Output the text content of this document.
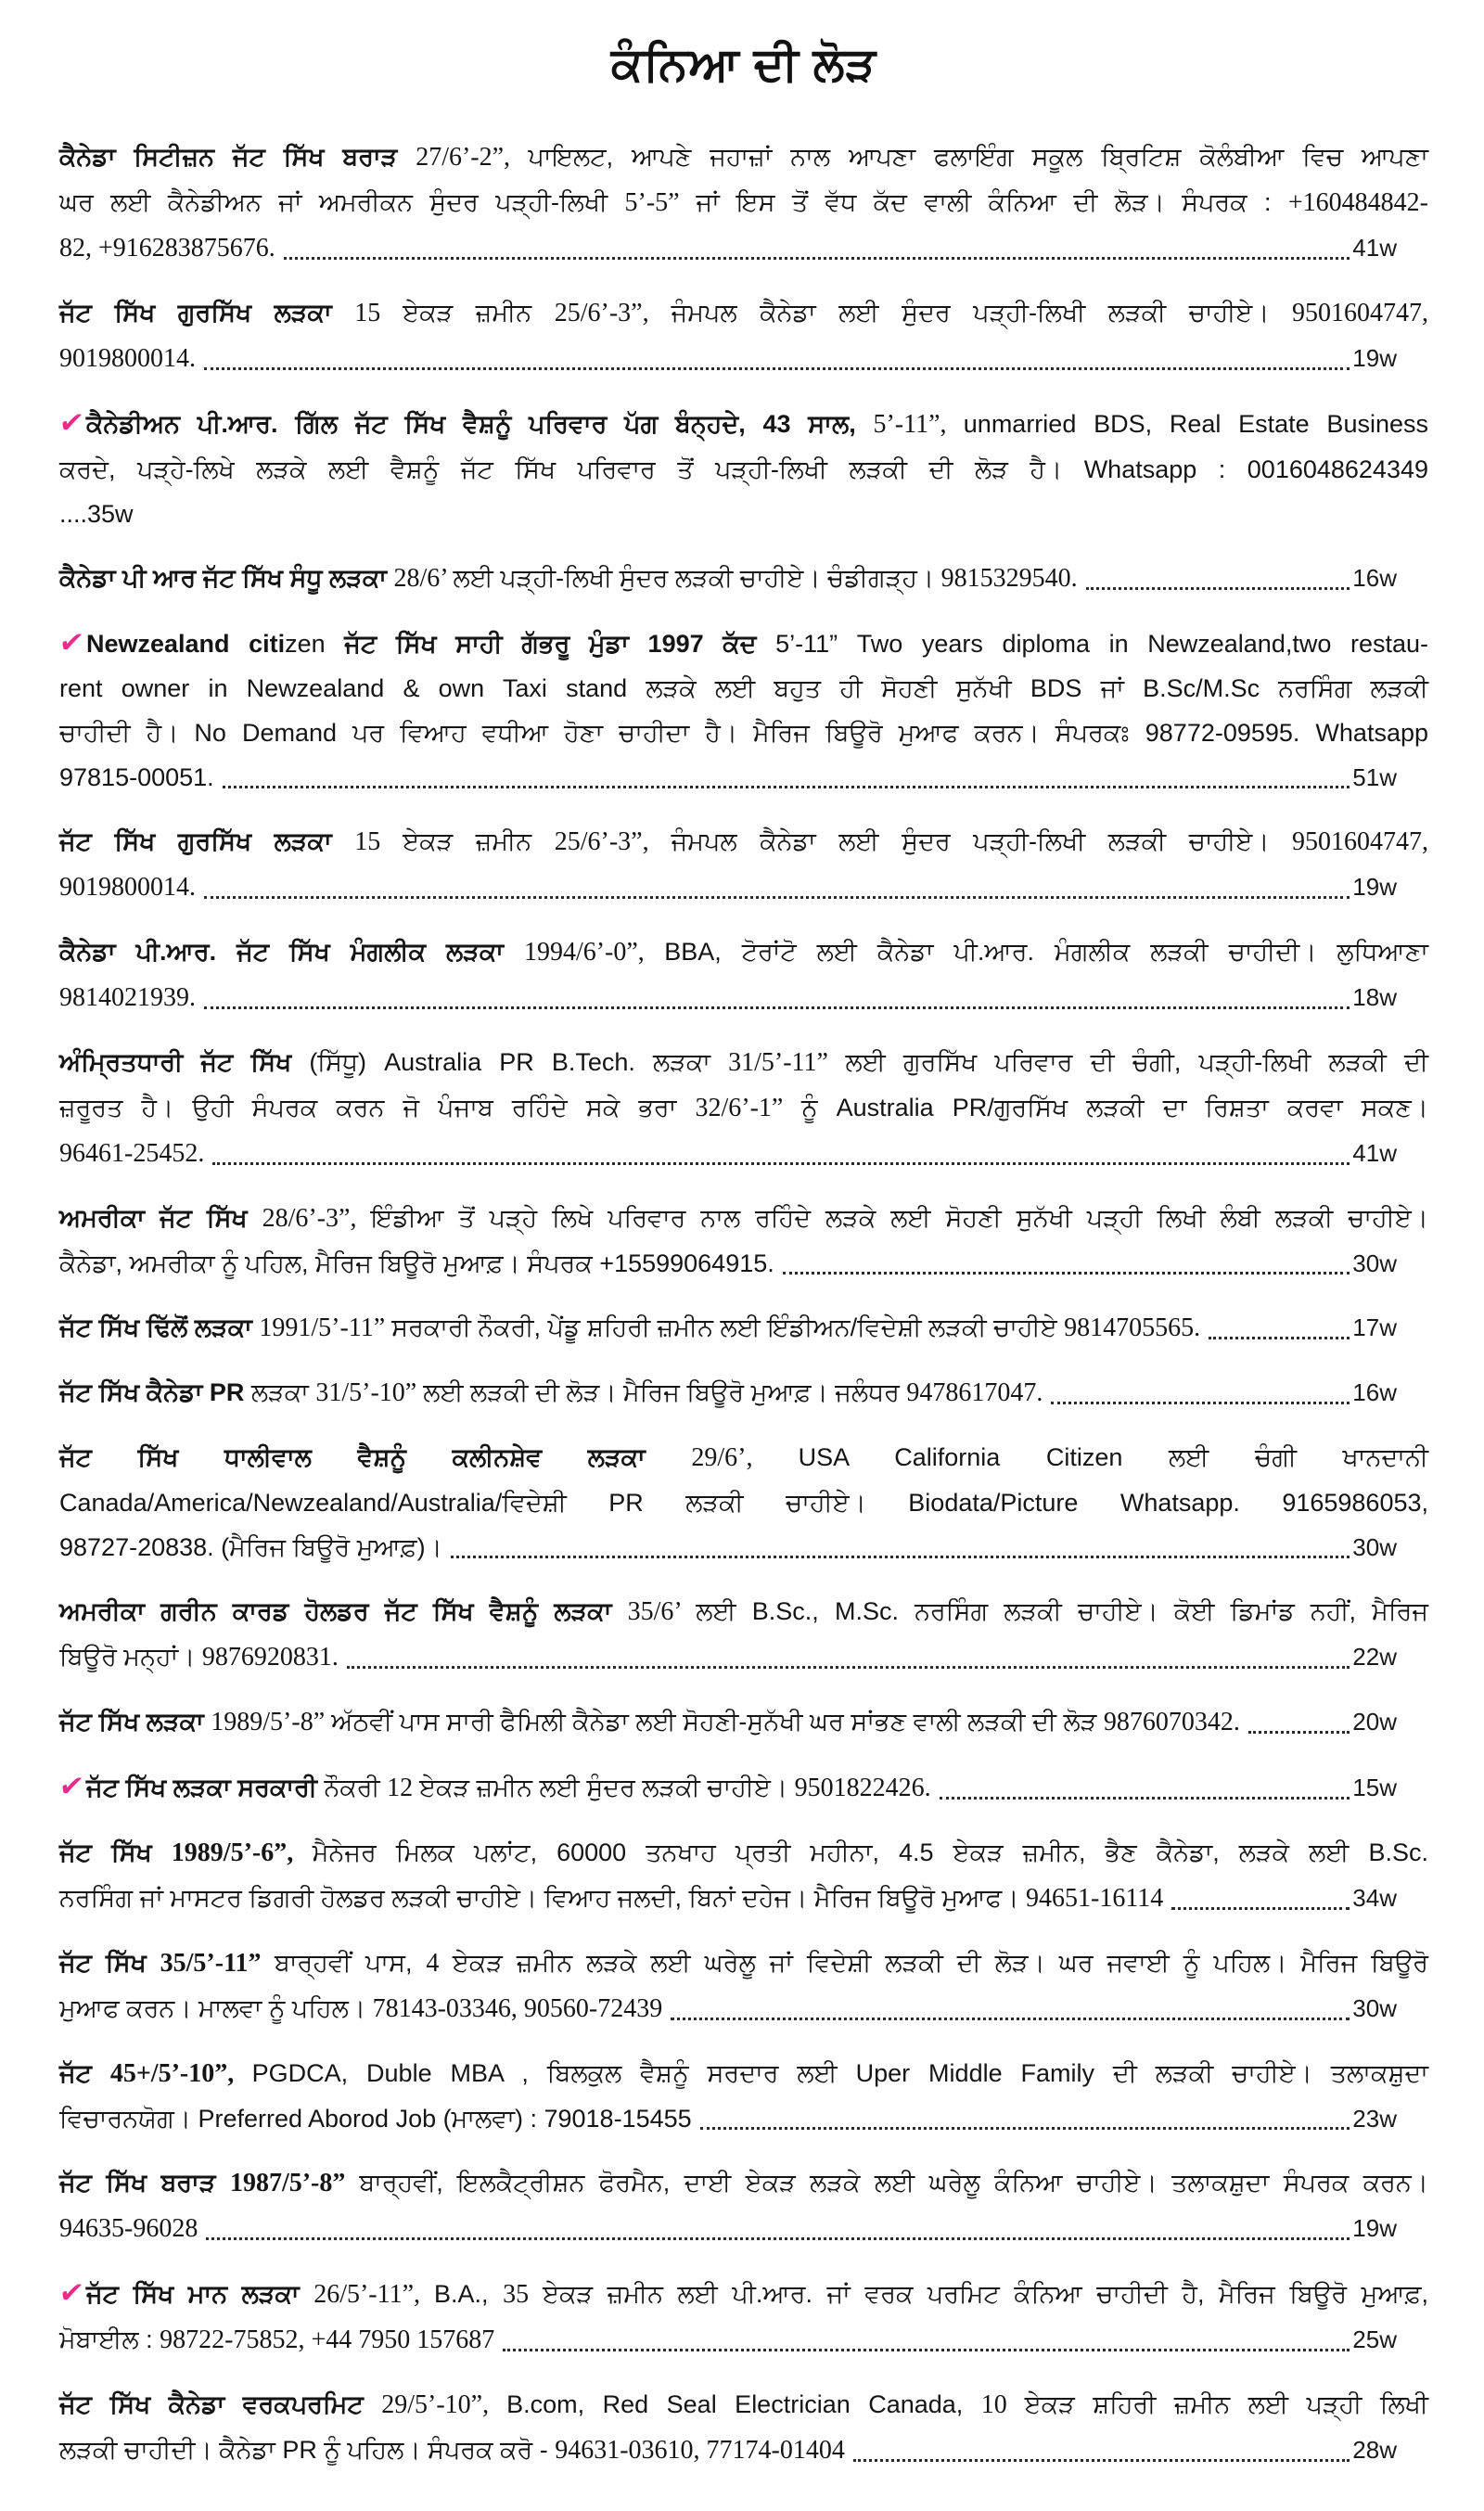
ਕੰਨਿਆ ਦੀ ਲੋੜ
ਕੈਨੇਡਾ ਸਿਟੀਜ਼ਨ ਜੱਟ ਸਿੱਖ ਬਰਾੜ 27/6’-2”, ਪਾਇਲਟ, ਆਪਣੇ ਜਹਾਜ਼ਾਂ ਨਾਲ ਆਪਣਾ ਫਲਾਇੰਗ ਸਕੂਲ ਬ੍ਰਿਟਿਸ਼ ਕੋਲੰਬੀਆ ਵਿਚ ਆਪਣਾ
ਘਰ ਲਈ ਕੈਨੇਡੀਅਨ ਜਾਂ ਅਮਰੀਕਨ ਸੁੰਦਰ ਪੜ੍ਹੀ-ਲਿਖੀ 5’-5” ਜਾਂ ਇਸ ਤੋਂ ਵੱਧ ਕੱਦ ਵਾਲੀ ਕੰਨਿਆ ਦੀ ਲੋੜ। ਸੰਪਰਕ : +160484842-
82, +916283875676.	41w
ਜੱਟ ਸਿੱਖ ਗੁਰਸਿੱਖ ਲੜਕਾ 15 ਏਕੜ ਜ਼ਮੀਨ 25/6’-3”, ਜੰਮਪਲ ਕੈਨੇਡਾ ਲਈ ਸੁੰਦਰ ਪੜ੍ਹੀ-ਲਿਖੀ ਲੜਕੀ ਚਾਹੀਏ। 9501604747,
9019800014.	19w
✔ਕੈਨੇਡੀਅਨ ਪੀ.ਆਰ. ਗਿੱਲ ਜੱਟ ਸਿੱਖ ਵੈਸ਼ਨੂੰ ਪਰਿਵਾਰ ਪੱਗ ਬੰਨ੍ਹਦੇ, 43 ਸਾਲ, 5’-11”, unmarried BDS, Real Estate Business
ਕਰਦੇ, ਪੜ੍ਹੇ-ਲਿਖੇ ਲੜਕੇ ਲਈ ਵੈਸ਼ਨੂੰ ਜੱਟ ਸਿੱਖ ਪਰਿਵਾਰ ਤੋਂ ਪੜ੍ਹੀ-ਲਿਖੀ ਲੜਕੀ ਦੀ ਲੋੜ ਹੈ। Whatsapp : 0016048624349
....35w
ਕੈਨੇਡਾ ਪੀ ਆਰ ਜੱਟ ਸਿੱਖ ਸੰਧੂ ਲੜਕਾ 28/6’ ਲਈ ਪੜ੍ਹੀ-ਲਿਖੀ ਸੁੰਦਰ ਲੜਕੀ ਚਾਹੀਏ। ਚੰਡੀਗੜ੍ਹ। 9815329540.	16w
✔Newzealand citizen ਜੱਟ ਸਿੱਖ ਸਾਹੀ ਗੱਭਰੂ ਮੁੰਡਾ 1997 ਕੱਦ 5’-11” Two years diploma in Newzealand,two restau-
rent owner in Newzealand & own Taxi stand ਲੜਕੇ ਲਈ ਬਹੁਤ ਹੀ ਸੋਹਣੀ ਸੁਨੱਖੀ BDS ਜਾਂ B.Sc/M.Sc ਨਰਸਿੰਗ ਲੜਕੀ
ਚਾਹੀਦੀ ਹੈ। No Demand ਪਰ ਵਿਆਹ ਵਧੀਆ ਹੋਣਾ ਚਾਹੀਦਾ ਹੈ। ਮੈਰਿਜ ਬਿਊਰੋ ਮੁਆਫ ਕਰਨ। ਸੰਪਰਕਃ 98772-09595. Whatsapp
97815-00051.	51w
ਜੱਟ ਸਿੱਖ ਗੁਰਸਿੱਖ ਲੜਕਾ 15 ਏਕੜ ਜ਼ਮੀਨ 25/6’-3”, ਜੰਮਪਲ ਕੈਨੇਡਾ ਲਈ ਸੁੰਦਰ ਪੜ੍ਹੀ-ਲਿਖੀ ਲੜਕੀ ਚਾਹੀਏ। 9501604747,
9019800014.	19w
ਕੈਨੇਡਾ ਪੀ.ਆਰ. ਜੱਟ ਸਿੱਖ ਮੰਗਲੀਕ ਲੜਕਾ 1994/6’-0”, BBA, ਟੋਰਾਂਟੋ ਲਈ ਕੈਨੇਡਾ ਪੀ.ਆਰ. ਮੰਗਲੀਕ ਲੜਕੀ ਚਾਹੀਦੀ। ਲੁਧਿਆਣਾ
9814021939.	18w
ਅੰਮ੍ਰਿਤਧਾਰੀ ਜੱਟ ਸਿੱਖ (ਸਿੱਧੂ) Australia PR B.Tech. ਲੜਕਾ 31/5’-11” ਲਈ ਗੁਰਸਿੱਖ ਪਰਿਵਾਰ ਦੀ ਚੰਗੀ, ਪੜ੍ਹੀ-ਲਿਖੀ ਲੜਕੀ ਦੀ
ਜ਼ਰੂਰਤ ਹੈ। ਉਹੀ ਸੰਪਰਕ ਕਰਨ ਜੋ ਪੰਜਾਬ ਰਹਿੰਦੇ ਸਕੇ ਭਰਾ 32/6’-1” ਨੂੰ Australia PR/ਗੁਰਸਿੱਖ ਲੜਕੀ ਦਾ ਰਿਸ਼ਤਾ ਕਰਵਾ ਸਕਣ।
96461-25452.	41w
ਅਮਰੀਕਾ ਜੱਟ ਸਿੱਖ 28/6’-3”, ਇੰਡੀਆ ਤੋਂ ਪੜ੍ਹੇ ਲਿਖੇ ਪਰਿਵਾਰ ਨਾਲ ਰਹਿੰਦੇ ਲੜਕੇ ਲਈ ਸੋਹਣੀ ਸੁਨੱਖੀ ਪੜ੍ਹੀ ਲਿਖੀ ਲੰਬੀ ਲੜਕੀ ਚਾਹੀਏ।
ਕੈਨੇਡਾ, ਅਮਰੀਕਾ ਨੂੰ ਪਹਿਲ, ਮੈਰਿਜ ਬਿਊਰੋ ਮੁਆਫ਼। ਸੰਪਰਕ +15599064915.	30w
ਜੱਟ ਸਿੱਖ ਢਿੱਲੋਂ ਲੜਕਾ 1991/5’-11” ਸਰਕਾਰੀ ਨੌਕਰੀ, ਪੇਂਡੂ ਸ਼ਹਿਰੀ ਜ਼ਮੀਨ ਲਈ ਇੰਡੀਅਨ/ਵਿਦੇਸ਼ੀ ਲੜਕੀ ਚਾਹੀਏ 9814705565.	17w
ਜੱਟ ਸਿੱਖ ਕੈਨੇਡਾ PR ਲੜਕਾ 31/5’-10” ਲਈ ਲੜਕੀ ਦੀ ਲੋੜ। ਮੈਰਿਜ ਬਿਊਰੋ ਮੁਆਫ਼। ਜਲੰਧਰ 9478617047.	16w
ਜੱਟ ਸਿੱਖ ਧਾਲੀਵਾਲ ਵੈਸ਼ਨੂੰ ਕਲੀਨਸ਼ੇਵ ਲੜਕਾ 29/6’, USA California Citizen ਲਈ ਚੰਗੀ ਖਾਨਦਾਨੀ
Canada/America/Newzealand/Australia/ਵਿਦੇਸ਼ੀ PR ਲੜਕੀ ਚਾਹੀਏ। Biodata/Picture Whatsapp. 9165986053,
98727-20838. (ਮੈਰਿਜ ਬਿਊਰੋ ਮੁਆਫ਼)।	30w
ਅਮਰੀਕਾ ਗਰੀਨ ਕਾਰਡ ਹੋਲਡਰ ਜੱਟ ਸਿੱਖ ਵੈਸ਼ਨੂੰ ਲੜਕਾ 35/6’ ਲਈ B.Sc., M.Sc. ਨਰਸਿੰਗ ਲੜਕੀ ਚਾਹੀਏ। ਕੋਈ ਡਿਮਾਂਡ ਨਹੀਂ, ਮੈਰਿਜ
ਬਿਊਰੋ ਮਨ੍ਹਾਂ। 9876920831.	22w
ਜੱਟ ਸਿੱਖ ਲੜਕਾ 1989/5’-8” ਅੱਠਵੀਂ ਪਾਸ ਸਾਰੀ ਫੈਮਿਲੀ ਕੈਨੇਡਾ ਲਈ ਸੋਹਣੀ-ਸੁਨੱਖੀ ਘਰ ਸਾਂਭਣ ਵਾਲੀ ਲੜਕੀ ਦੀ ਲੋੜ 9876070342.	20w
✔ਜੱਟ ਸਿੱਖ ਲੜਕਾ ਸਰਕਾਰੀ ਨੌਕਰੀ 12 ਏਕੜ ਜ਼ਮੀਨ ਲਈ ਸੁੰਦਰ ਲੜਕੀ ਚਾਹੀਏ। 9501822426.	15w
ਜੱਟ ਸਿੱਖ 1989/5’-6”, ਮੈਨੇਜਰ ਮਿਲਕ ਪਲਾਂਟ, 60000 ਤਨਖਾਹ ਪ੍ਰਤੀ ਮਹੀਨਾ, 4.5 ਏਕੜ ਜ਼ਮੀਨ, ਭੈਣ ਕੈਨੇਡਾ, ਲੜਕੇ ਲਈ B.Sc.
ਨਰਸਿੰਗ ਜਾਂ ਮਾਸਟਰ ਡਿਗਰੀ ਹੋਲਡਰ ਲੜਕੀ ਚਾਹੀਏ। ਵਿਆਹ ਜਲਦੀ, ਬਿਨਾਂ ਦਹੇਜ। ਮੈਰਿਜ ਬਿਊਰੋ ਮੁਆਫ। 94651-16114	34w
ਜੱਟ ਸਿੱਖ 35/5’-11” ਬਾਰ੍ਹਵੀਂ ਪਾਸ, 4 ਏਕੜ ਜ਼ਮੀਨ ਲੜਕੇ ਲਈ ਘਰੇਲੂ ਜਾਂ ਵਿਦੇਸ਼ੀ ਲੜਕੀ ਦੀ ਲੋੜ। ਘਰ ਜਵਾਈ ਨੂੰ ਪਹਿਲ। ਮੈਰਿਜ ਬਿਊਰੋ
ਮੁਆਫ ਕਰਨ। ਮਾਲਵਾ ਨੂੰ ਪਹਿਲ। 78143-03346, 90560-72439	30w
ਜੱਟ 45+/5’-10”, PGDCA, Duble MBA , ਬਿਲਕੁਲ ਵੈਸ਼ਨੂੰ ਸਰਦਾਰ ਲਈ Uper Middle Family ਦੀ ਲੜਕੀ ਚਾਹੀਏ। ਤਲਾਕਸ਼ੁਦਾ
ਵਿਚਾਰਨਯੋਗ। Preferred Aborod Job (ਮਾਲਵਾ) : 79018-15455	23w
ਜੱਟ ਸਿੱਖ ਬਰਾੜ 1987/5’-8” ਬਾਰ੍ਹਵੀਂ, ਇਲਕੈਟ੍ਰੀਸ਼ਨ ਫੋਰਮੈਨ, ਦਾਈ ਏਕੜ ਲੜਕੇ ਲਈ ਘਰੇਲੂ ਕੰਨਿਆ ਚਾਹੀਏ। ਤਲਾਕਸ਼ੁਦਾ ਸੰਪਰਕ ਕਰਨ।
94635-96028	19w
✔ਜੱਟ ਸਿੱਖ ਮਾਨ ਲੜਕਾ 26/5’-11”, B.A., 35 ਏਕੜ ਜ਼ਮੀਨ ਲਈ ਪੀ.ਆਰ. ਜਾਂ ਵਰਕ ਪਰਮਿਟ ਕੰਨਿਆ ਚਾਹੀਦੀ ਹੈ, ਮੈਰਿਜ ਬਿਊਰੋ ਮੁਆਫ਼,
ਮੋਬਾਈਲ : 98722-75852, +44 7950 157687	25w
ਜੱਟ ਸਿੱਖ ਕੈਨੇਡਾ ਵਰਕਪਰਮਿਟ 29/5’-10”, B.com, Red Seal Electrician Canada, 10 ਏਕੜ ਸ਼ਹਿਰੀ ਜ਼ਮੀਨ ਲਈ ਪੜ੍ਹੀ ਲਿਖੀ
ਲੜਕੀ ਚਾਹੀਦੀ। ਕੈਨੇਡਾ PR ਨੂੰ ਪਹਿਲ। ਸੰਪਰਕ ਕਰੋ - 94631-03610, 77174-01404	28w
